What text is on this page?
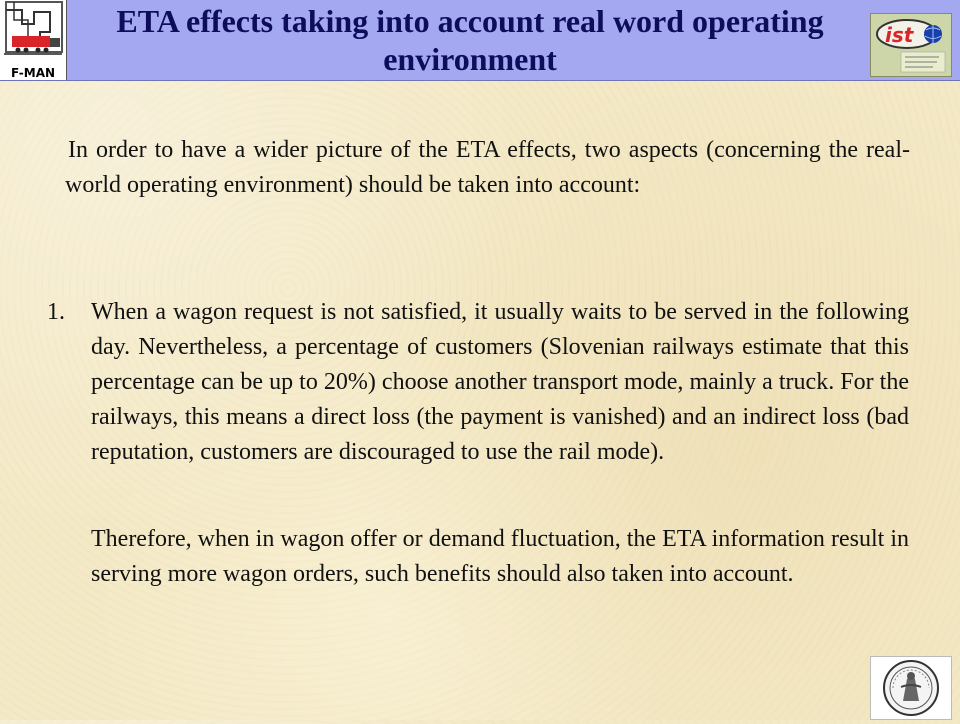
F-MAN
ETA effects taking into account real word operating environment
ist

In order to have a wider picture of the ETA effects, two aspects (concerning the real-world operating environment) should be taken into account:

1. When a wagon request is not satisfied, it usually waits to be served in the following day. Nevertheless, a percentage of customers (Slovenian railways estimate that this percentage can be up to 20%) choose another transport mode, mainly a truck. For the railways, this means a direct loss (the payment is vanished) and an indirect loss (bad reputation, customers are discouraged to use the rail mode).

Therefore, when in wagon offer or demand fluctuation, the ETA information result in serving more wagon orders, such benefits should also taken into account.
